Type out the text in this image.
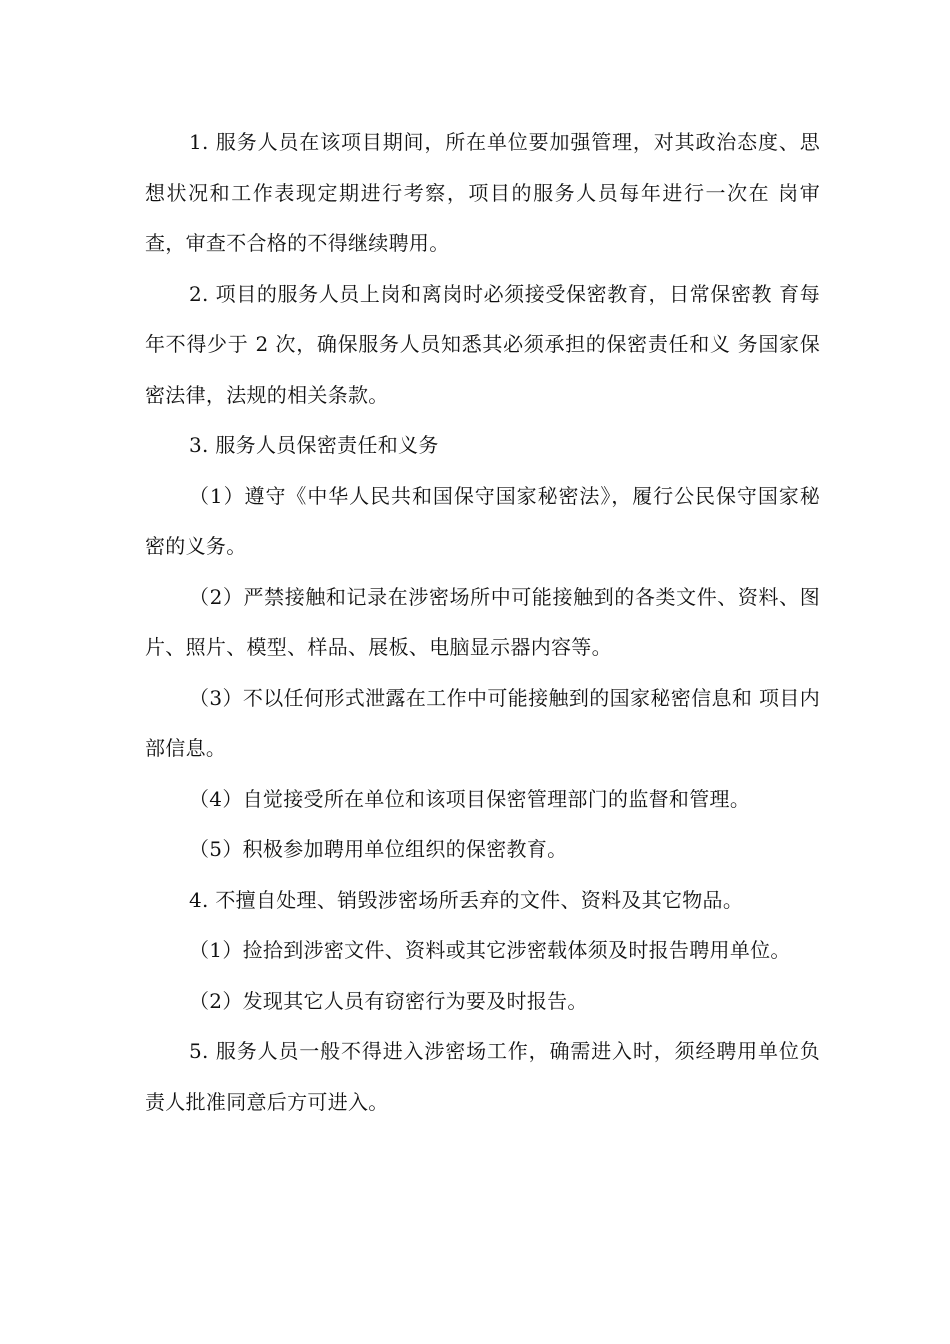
1. 服务人员在该项目期间，所在单位要加强管理，对其政治态度、思想状况和工作表现定期进行考察，项目的服务人员每年进行一次在 岗审查，审查不合格的不得继续聘用。

2. 项目的服务人员上岗和离岗时必须接受保密教育，日常保密教 育每年不得少于 2 次，确保服务人员知悉其必须承担的保密责任和义 务国家保密法律，法规的相关条款。

3. 服务人员保密责任和义务

（1）遵守《中华人民共和国保守国家秘密法》，履行公民保守国家秘密的义务。

（2）严禁接触和记录在涉密场所中可能接触到的各类文件、资料、图片、照片、模型、样品、展板、电脑显示器内容等。

（3）不以任何形式泄露在工作中可能接触到的国家秘密信息和 项目内部信息。

（4）自觉接受所在单位和该项目保密管理部门的监督和管理。

（5）积极参加聘用单位组织的保密教育。

4. 不擅自处理、销毁涉密场所丢弃的文件、资料及其它物品。

（1）捡拾到涉密文件、资料或其它涉密载体须及时报告聘用单位。

（2）发现其它人员有窃密行为要及时报告。

5. 服务人员一般不得进入涉密场工作，确需进入时，须经聘用单位负责人批准同意后方可进入。
